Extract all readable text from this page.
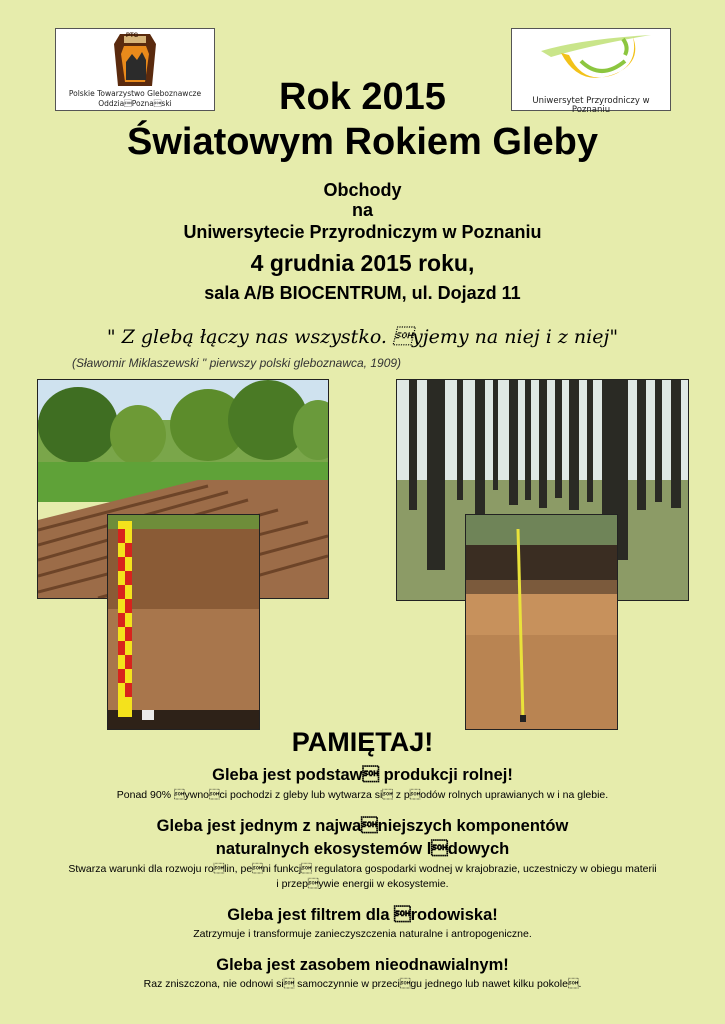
PTG
Polskie Towarzystwo Gleboznawcze
OddziaPoznaski	Uniwersytet Przyrodniczy w Poznaniu
Rok 2015
Światowym Rokiem Gleby
Obchody
na
Uniwersytecie Przyrodniczym w Poznaniu
4 grudnia 2015 roku,
sala A/B BIOCENTRUM, ul. Dojazd 11
" Z glebą łączy nas wszystko. yjemy na niej i z niej"
(Sławomir Miklaszewski " pierwszy polski gleboznawca, 1909)
PAMIĘTAJ!
Gleba jest podstaw produkcji rolnej!
Ponad 90% ywnoci pochodzi z gleby lub wytwarza si z podów rolnych uprawianych w i na glebie.
Gleba jest jednym z najwaniejszych komponentów
naturalnych ekosystemów ldowych
Stwarza warunki dla rozwoju rolin, peni funkcj regulatora gospodarki wodnej w krajobrazie, uczestniczy w obiegu materii
i przepywie energii w ekosystemie.
Gleba jest filtrem dla rodowiska!
Zatrzymuje i transformuje zanieczyszczenia naturalne i antropogeniczne.
Gleba jest zasobem nieodnawialnym!
Raz zniszczona, nie odnowi si samoczynnie w przecigu jednego lub nawet kilku pokole.
